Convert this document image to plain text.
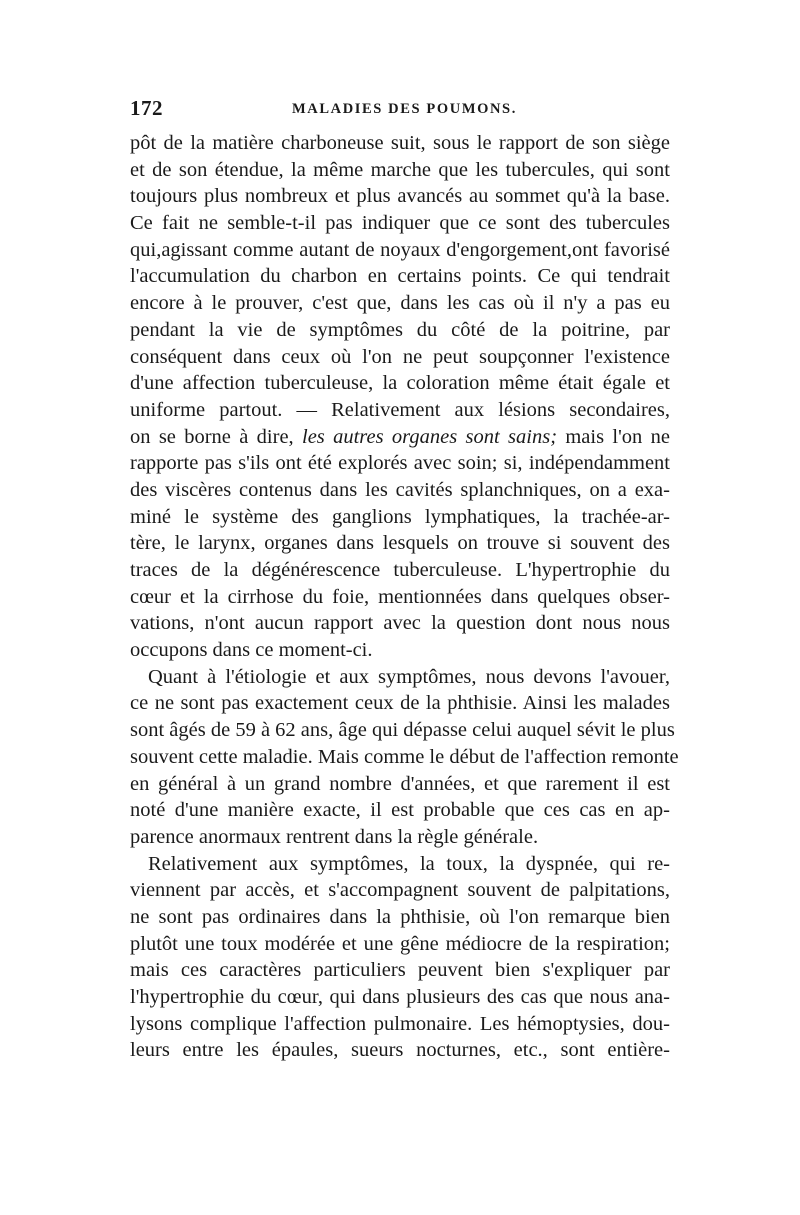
172	MALADIES DES POUMONS.
pôt de la matière charboneuse suit, sous le rapport de son siège
et de son étendue, la même marche que les tubercules, qui sont
toujours plus nombreux et plus avancés au sommet qu'à la base.
Ce fait ne semble-t-il pas indiquer que ce sont des tubercules
qui,agissant comme autant de noyaux d'engorgement,ont favorisé
l'accumulation du charbon en certains points. Ce qui tendrait
encore à le prouver, c'est que, dans les cas où il n'y a pas eu
pendant la vie de symptômes du côté de la poitrine, par
conséquent dans ceux où l'on ne peut soupçonner l'existence
d'une affection tuberculeuse, la coloration même était égale et
uniforme partout. — Relativement aux lésions secondaires,
on se borne à dire, les autres organes sont sains; mais l'on ne
rapporte pas s'ils ont été explorés avec soin; si, indépendamment
des viscères contenus dans les cavités splanchniques, on a exa-
miné le système des ganglions lymphatiques, la trachée-ar-
tère, le larynx, organes dans lesquels on trouve si souvent des
traces de la dégénérescence tuberculeuse. L'hypertrophie du
cœur et la cirrhose du foie, mentionnées dans quelques obser-
vations, n'ont aucun rapport avec la question dont nous nous
occupons dans ce moment-ci.
Quant à l'étiologie et aux symptômes, nous devons l'avouer,
ce ne sont pas exactement ceux de la phthisie. Ainsi les malades
sont âgés de 59 à 62 ans, âge qui dépasse celui auquel sévit le plus
souvent cette maladie. Mais comme le début de l'affection remonte
en général à un grand nombre d'années, et que rarement il est
noté d'une manière exacte, il est probable que ces cas en ap-
parence anormaux rentrent dans la règle générale.
Relativement aux symptômes, la toux, la dyspnée, qui re-
viennent par accès, et s'accompagnent souvent de palpitations,
ne sont pas ordinaires dans la phthisie, où l'on remarque bien
plutôt une toux modérée et une gêne médiocre de la respiration;
mais ces caractères particuliers peuvent bien s'expliquer par
l'hypertrophie du cœur, qui dans plusieurs des cas que nous ana-
lysons complique l'affection pulmonaire. Les hémoptysies, dou-
leurs entre les épaules, sueurs nocturnes, etc., sont entière-
